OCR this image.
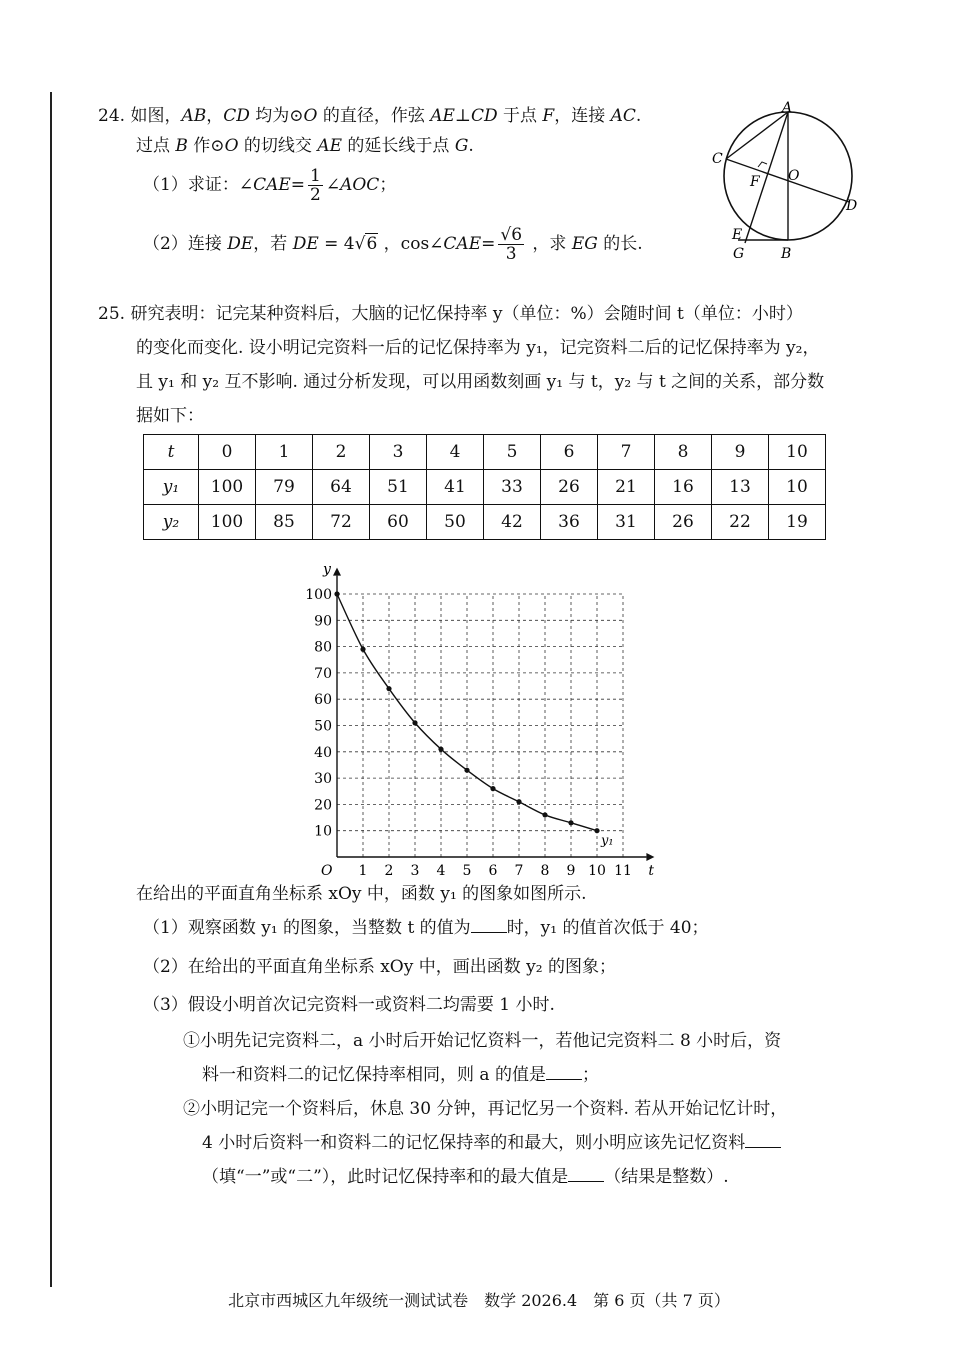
24. 如图，AB，CD 均为⊙O 的直径，作弦 AE⊥CD 于点 F，连接 AC.
过点 B 作⊙O 的切线交 AE 的延长线于点 G.
（1）求证：∠CAE= $\frac{1}{2}$ ∠AOC；
（2）连接 DE，若 DE = 4√6 ，cos∠CAE= $\frac{√6}{3}$ ，求 EG 的长.
A
C
F O
D
E
G	B
25. 研究表明：记完某种资料后，大脑的记忆保持率 y（单位：%）会随时间 t（单位：小时）
的变化而变化. 设小明记完资料一后的记忆保持率为 y₁，记完资料二后的记忆保持率为 y₂，
且 y₁ 和 y₂ 互不影响. 通过分析发现，可以用函数刻画 y₁ 与 t，y₂ 与 t 之间的关系，部分数
据如下：
t	0	1	2	3	4	5	6	7	8	9	10
y₁	100	79	64	51	41	33	26	21	16	13	10
y₂	100	85	72	60	50	42	36	31	26	22	19
1 2 3 4 5 6 7 8 9 10 11
10
20
30
40
50
60
70
80
90
100
O	t
y
y₁
在给出的平面直角坐标系 xOy 中，函数 y₁ 的图象如图所示.
（1）观察函数 y₁ 的图象，当整数 t 的值为 时，y₁ 的值首次低于 40；
（2）在给出的平面直角坐标系 xOy 中，画出函数 y₂ 的图象；
（3）假设小明首次记完资料一或资料二均需要 1 小时.
①小明先记完资料二，a 小时后开始记忆资料一，若他记完资料二 8 小时后，资
料一和资料二的记忆保持率相同，则 a 的值是 ；
②小明记完一个资料后，休息 30 分钟，再记忆另一个资料. 若从开始记忆计时，
4 小时后资料一和资料二的记忆保持率的和最大，则小明应该先记忆资料
（填“一”或“二”），此时记忆保持率和的最大值是 （结果是整数）.
北京市西城区九年级统一测试试卷　数学 2026.4　第 6 页（共 7 页）
